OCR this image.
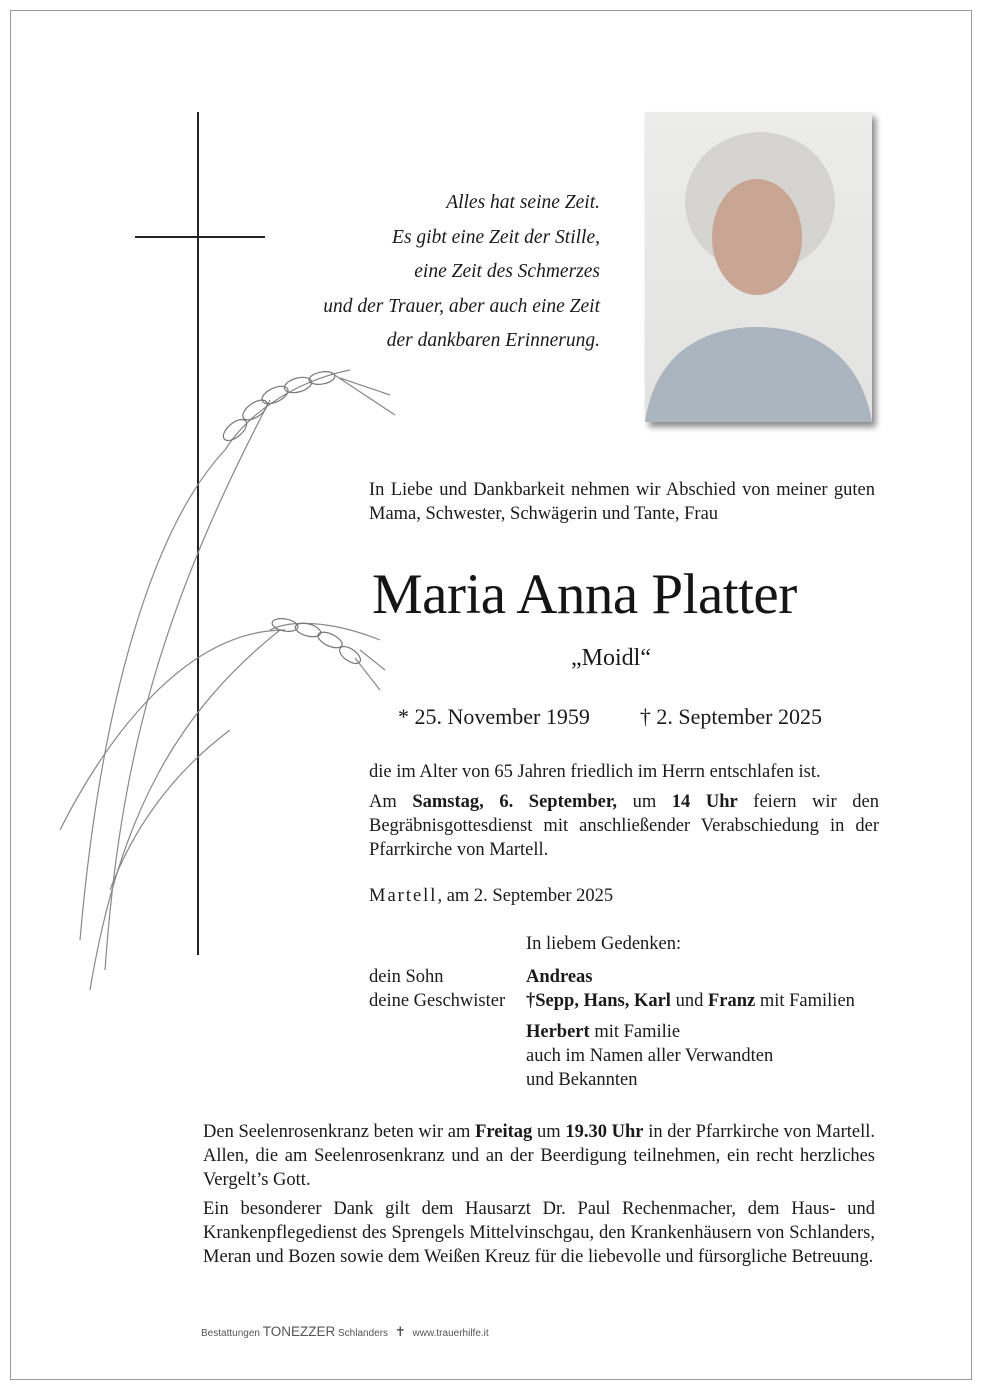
Alles hat seine Zeit.
Es gibt eine Zeit der Stille,
eine Zeit des Schmerzes
und der Trauer, aber auch eine Zeit
der dankbaren Erinnerung.
In Liebe und Dankbarkeit nehmen wir Abschied von meiner guten Mama, Schwester, Schwägerin und Tante, Frau
Maria Anna Platter
„Moidl“
* 25. November 1959 † 2. September 2025
die im Alter von 65 Jahren friedlich im Herrn entschlafen ist.
Am Samstag, 6. September, um 14 Uhr feiern wir den Begräbnisgottesdienst mit anschließender Verabschiedung in der Pfarrkirche von Martell.
Martell, am 2. September 2025
In liebem Gedenken:
dein Sohn
deine Geschwister
Andreas
†Sepp, Hans, Karl und Franz mit Familien
Herbert mit Familie
auch im Namen aller Verwandten
und Bekannten
Den Seelenrosenkranz beten wir am Freitag um 19.30 Uhr in der Pfarrkirche von Martell. Allen, die am Seelenrosenkranz und an der Beerdigung teilnehmen, ein recht herzliches Vergelt’s Gott.
Ein besonderer Dank gilt dem Hausarzt Dr. Paul Rechenmacher, dem Haus- und Krankenpflegedienst des Sprengels Mittelvinschgau, den Krankenhäusern von Schlanders, Meran und Bozen sowie dem Weißen Kreuz für die liebevolle und fürsorgliche Betreuung.
Bestattungen TONEZZER Schlanders ✝ www.trauerhilfe.it
